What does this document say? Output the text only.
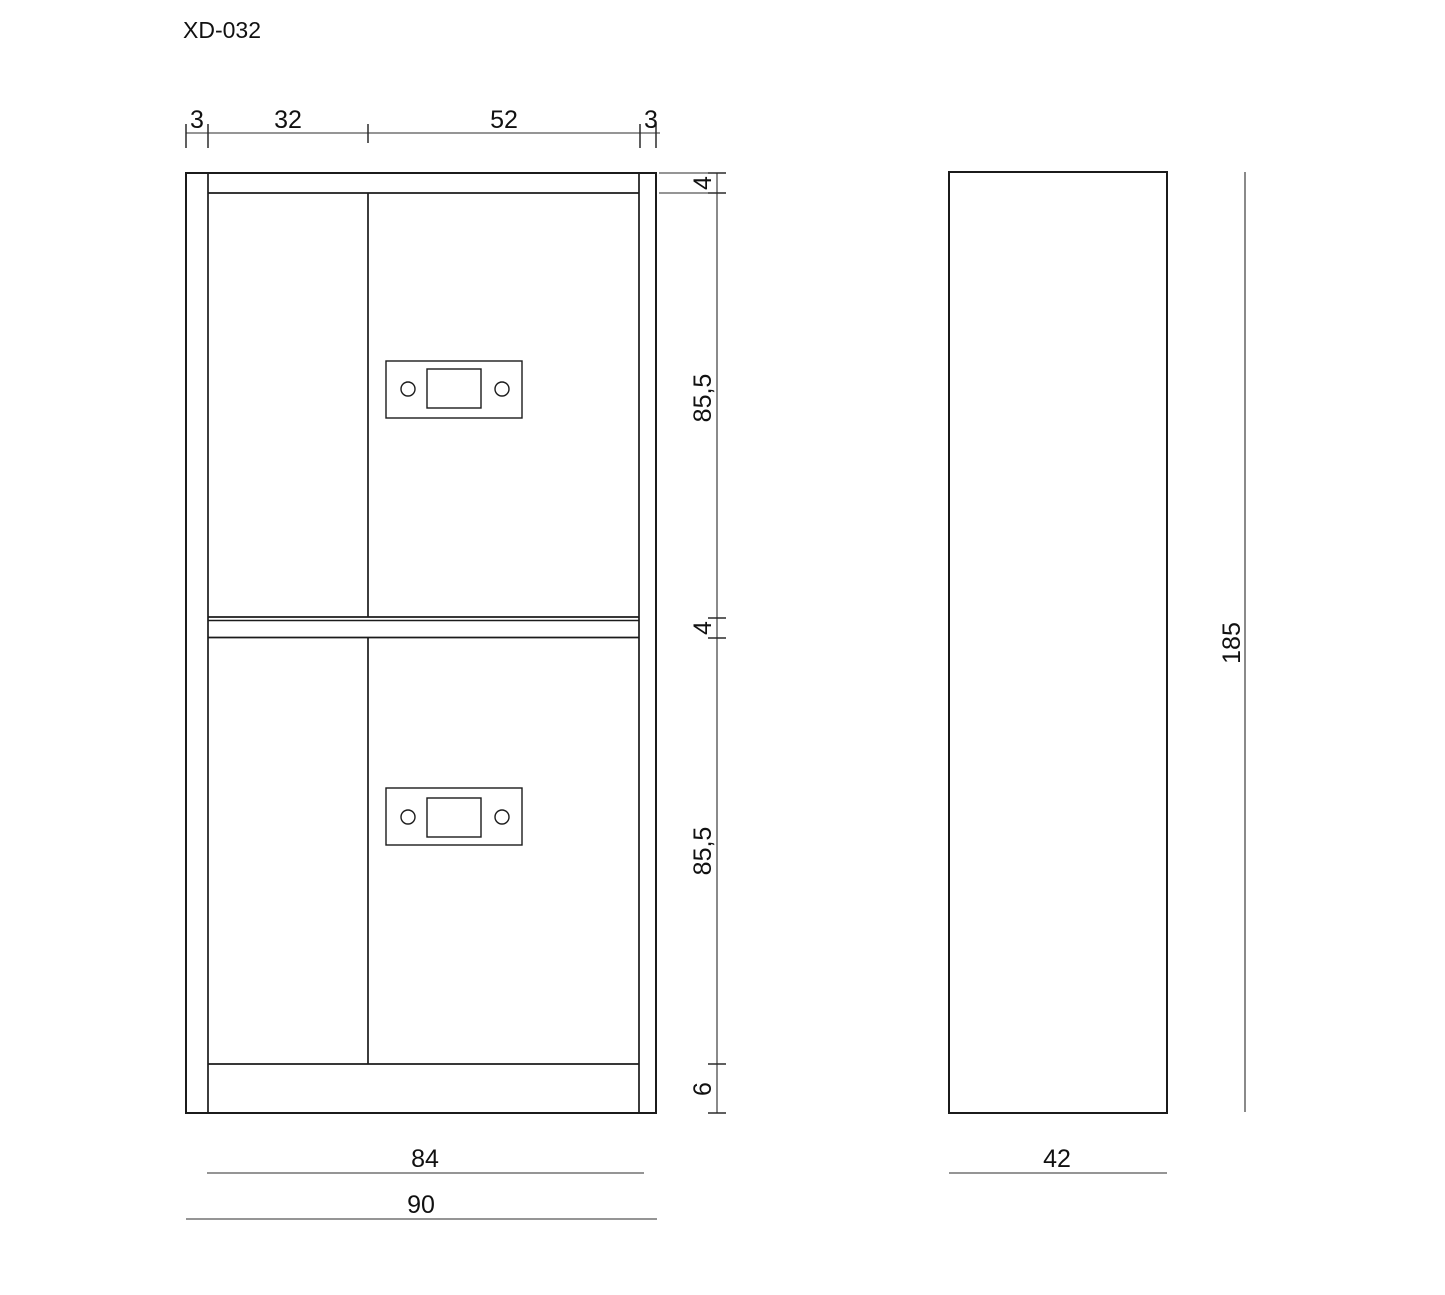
XD-032
3	32	52	3
4
85,5
4
85,5
6
84
90
42
185
